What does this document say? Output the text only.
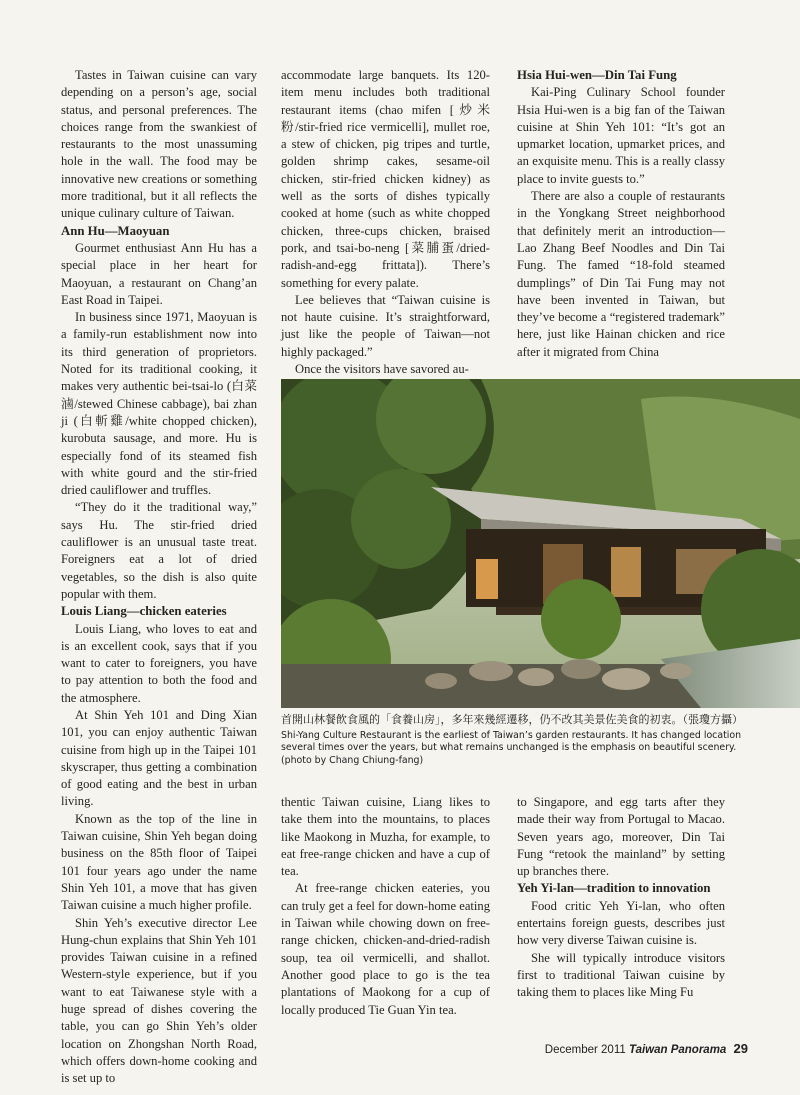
Tastes in Taiwan cuisine can vary depending on a person’s age, social status, and personal preferences. The choices range from the swankiest of restaurants to the most unassuming hole in the wall. The food may be innovative new creations or something more traditional, but it all reflects the unique culinary culture of Taiwan.

Ann Hu—Maoyuan

Gourmet enthusiast Ann Hu has a special place in her heart for Maoyuan, a restaurant on Chang’an East Road in Taipei.

In business since 1971, Maoyuan is a family-run establishment now into its third generation of proprietors. Noted for its traditional cooking, it makes very authentic bei-tsai-lo (白菜滷/stewed Chinese cabbage), bai zhan ji (白斬雞/white chopped chicken), kurobuta sausage, and more. Hu is especially fond of its steamed fish with white gourd and the stir-fried dried cauliflower and truffles.

“They do it the traditional way,” says Hu. The stir-fried dried cauliflower is an unusual taste treat. Foreigners eat a lot of dried vegetables, so the dish is also quite popular with them.

Louis Liang—chicken eateries

Louis Liang, who loves to eat and is an excellent cook, says that if you want to cater to foreigners, you have to pay attention to both the food and the atmosphere.

At Shin Yeh 101 and Ding Xian 101, you can enjoy authentic Taiwan cuisine from high up in the Taipei 101 skyscraper, thus getting a combination of good eating and the best in urban living.

Known as the top of the line in Taiwan cuisine, Shin Yeh began doing business on the 85th floor of Taipei 101 four years ago under the name Shin Yeh 101, a move that has given Taiwan cuisine a much higher profile.

Shin Yeh’s executive director Lee Hung-chun explains that Shin Yeh 101 provides Taiwan cuisine in a refined Western-style experience, but if you want to eat Taiwanese style with a huge spread of dishes covering the table, you can go Shin Yeh’s older location on Zhongshan North Road, which offers down-home cooking and is set up to

accommodate large banquets. Its 120-item menu includes both traditional restaurant items (chao mifen [炒米粉/stir-fried rice vermicelli], mullet roe, a stew of chicken, pig tripes and turtle, golden shrimp cakes, sesame-oil chicken, stir-fried chicken kidney) as well as the sorts of dishes typically cooked at home (such as white chopped chicken, three-cups chicken, braised pork, and tsai-bo-neng [菜脯蛋/dried-radish-and-egg frittata]). There’s something for every palate.

Lee believes that “Taiwan cuisine is not haute cuisine. It’s straightforward, just like the people of Taiwan—not highly packaged.”

Once the visitors have savored au-

Hsia Hui-wen—Din Tai Fung

Kai-Ping Culinary School founder Hsia Hui-wen is a big fan of the Taiwan cuisine at Shin Yeh 101: “It’s got an upmarket location, upmarket prices, and an exquisite menu. This is a really classy place to invite guests to.”

There are also a couple of restaurants in the Yongkang Street neighborhood that definitely merit an introduction—Lao Zhang Beef Noodles and Din Tai Fung. The famed “18-fold steamed dumplings” of Din Tai Fung may not have been invented in Taiwan, but they’ve become a “registered trademark” here, just like Hainan chicken and rice after it migrated from China

首開山林餐飲食風的「食養山房」，多年來幾經遷移，仍不改其美景佐美食的初衷。（張瓊方攝）
Shi-Yang Culture Restaurant is the earliest of Taiwan’s garden restaurants. It has changed location several times over the years, but what remains unchanged is the emphasis on beautiful scenery. (photo by Chang Chiung-fang)

thentic Taiwan cuisine, Liang likes to take them into the mountains, to places like Maokong in Muzha, for example, to eat free-range chicken and have a cup of tea.

At free-range chicken eateries, you can truly get a feel for down-home eating in Taiwan while chowing down on free-range chicken, chicken-and-dried-radish soup, tea oil vermicelli, and shallot. Another good place to go is the tea plantations of Maokong for a cup of locally produced Tie Guan Yin tea.

to Singapore, and egg tarts after they made their way from Portugal to Macao. Seven years ago, moreover, Din Tai Fung “retook the mainland” by setting up branches there.

Yeh Yi-lan—tradition to innovation

Food critic Yeh Yi-lan, who often entertains foreign guests, describes just how very diverse Taiwan cuisine is.

She will typically introduce visitors first to traditional Taiwan cuisine by taking them to places like Ming Fu

December 2011 Taiwan Panorama 29
